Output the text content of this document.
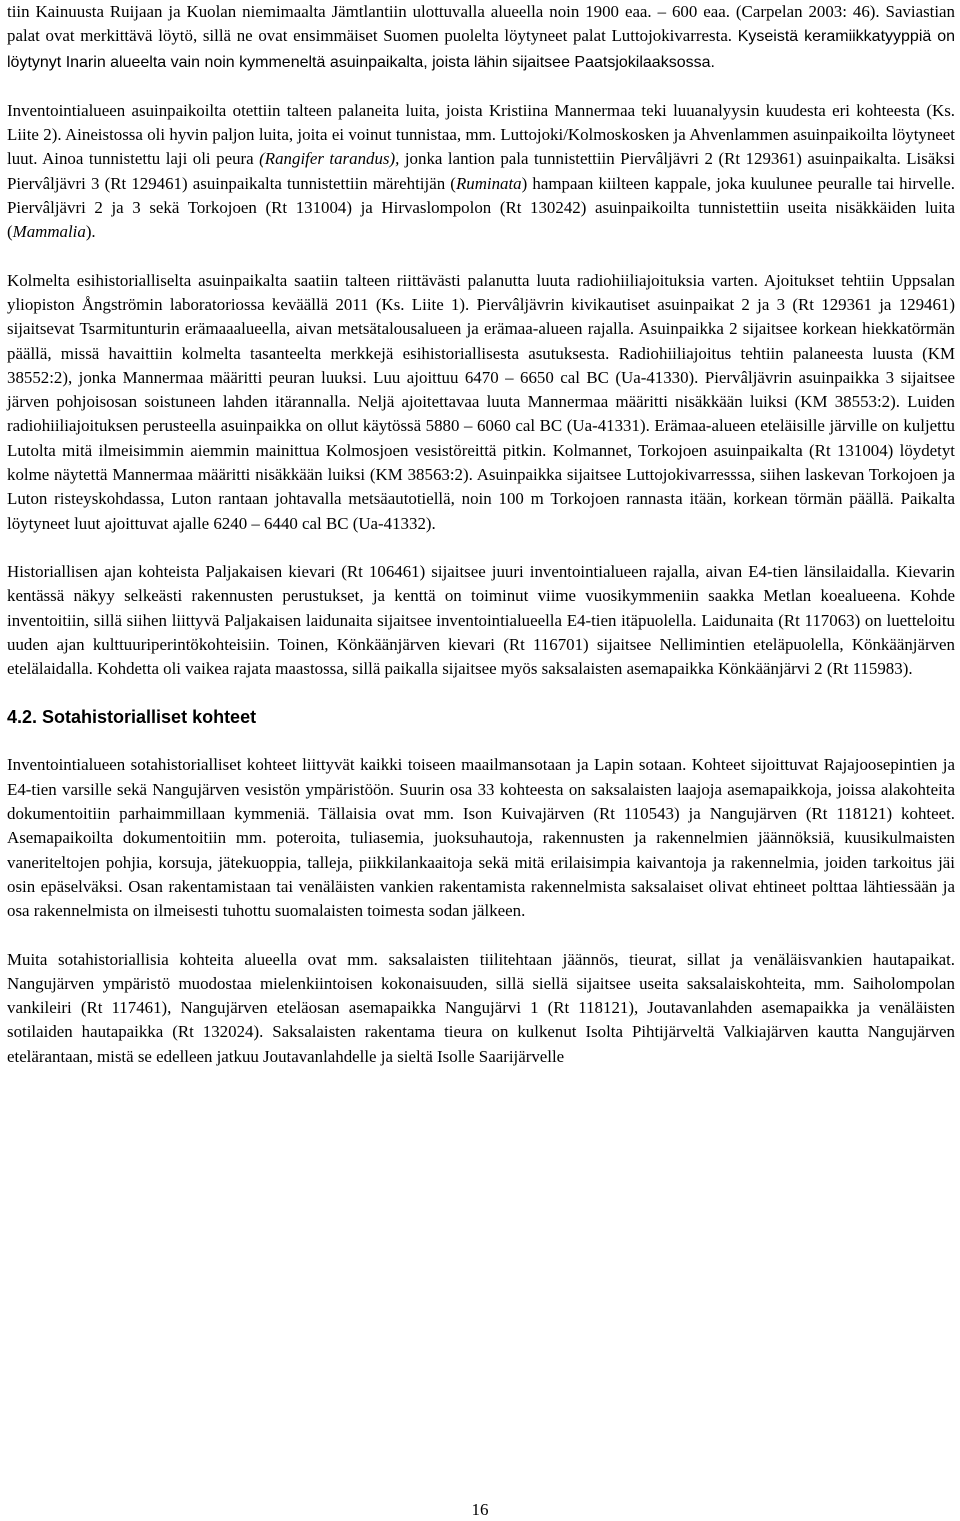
tiin Kainuusta Ruijaan ja Kuolan niemimaalta Jämtlantiin ulottuvalla alueella noin 1900 eaa. – 600 eaa. (Carpelan 2003: 46). Saviastian palat ovat merkittävä löytö, sillä ne ovat ensimmäiset Suomen puolelta löytyneet palat Luttojokivarresta. Kyseistä keramiikkatyyppiä on löytynyt Inarin alueelta vain noin kymmeneltä asuinpaikalta, joista lähin sijaitsee Paatsjokilaaksossa.

Inventointialueen asuinpaikoilta otettiin talteen palaneita luita, joista Kristiina Mannermaa teki luuanalyysin kuudesta eri kohteesta (Ks. Liite 2). Aineistossa oli hyvin paljon luita, joita ei voinut tunnistaa, mm. Luttojoki/Kolmoskosken ja Ahvenlammen asuinpaikoilta löytyneet luut. Ainoa tunnistettu laji oli peura (Rangifer tarandus), jonka lantion pala tunnistettiin Piervâljävri 2 (Rt 129361) asuinpaikalta. Lisäksi Piervâljävri 3 (Rt 129461) asuinpaikalta tunnistettiin märehtijän (Ruminata) hampaan kiilteen kappale, joka kuulunee peuralle tai hirvelle. Piervâljävri 2 ja 3 sekä Torkojoen (Rt 131004) ja Hirvaslompolon (Rt 130242) asuinpaikoilta tunnistettiin useita nisäkkäiden luita (Mammalia).

Kolmelta esihistorialliselta asuinpaikalta saatiin talteen riittävästi palanutta luuta radiohiiliajoituksia varten. Ajoitukset tehtiin Uppsalan yliopiston Ångströmin laboratoriossa keväällä 2011 (Ks. Liite 1). Piervâljävrin kivikautiset asuinpaikat 2 ja 3 (Rt 129361 ja 129461) sijaitsevat Tsarmitunturin erämaaalueella, aivan metsätalousalueen ja erämaa-alueen rajalla. Asuinpaikka 2 sijaitsee korkean hiekkatörmän päällä, missä havaittiin kolmelta tasanteelta merkkejä esihistoriallisesta asutuksesta. Radiohiiliajoitus tehtiin palaneesta luusta (KM 38552:2), jonka Mannermaa määritti peuran luuksi. Luu ajoittuu 6470 – 6650 cal BC (Ua-41330). Piervâljävrin asuinpaikka 3 sijaitsee järven pohjoisosan soistuneen lahden itärannalla. Neljä ajoitettavaa luuta Mannermaa määritti nisäkkään luiksi (KM 38553:2). Luiden radiohiiliajoituksen perusteella asuinpaikka on ollut käytössä 5880 – 6060 cal BC (Ua-41331). Erämaa-alueen eteläisille järville on kuljettu Lutolta mitä ilmeisimmin aiemmin mainittua Kolmosjoen vesistöreittä pitkin. Kolmannet, Torkojoen asuinpaikalta (Rt 131004) löydetyt kolme näytettä Mannermaa määritti nisäkkään luiksi (KM 38563:2). Asuinpaikka sijaitsee Luttojokivarresssa, siihen laskevan Torkojoen ja Luton risteyskohdassa, Luton rantaan johtavalla metsäautotiellä, noin 100 m Torkojoen rannasta itään, korkean törmän päällä. Paikalta löytyneet luut ajoittuvat ajalle 6240 – 6440 cal BC (Ua-41332).

Historiallisen ajan kohteista Paljakaisen kievari (Rt 106461) sijaitsee juuri inventointialueen rajalla, aivan E4-tien länsilaidalla. Kievarin kentässä näkyy selkeästi rakennusten perustukset, ja kenttä on toiminut viime vuosikymmeniin saakka Metlan koealueena. Kohde inventoitiin, sillä siihen liittyvä Paljakaisen laidunaita sijaitsee inventointialueella E4-tien itäpuolella. Laidunaita (Rt 117063) on luetteloitu uuden ajan kulttuuriperintökohteisiin. Toinen, Könkäänjärven kievari (Rt 116701) sijaitsee Nellimintien eteläpuolella, Könkäänjärven etelälaidalla. Kohdetta oli vaikea rajata maastossa, sillä paikalla sijaitsee myös saksalaisten asemapaikka Könkäänjärvi 2 (Rt 115983).

4.2. Sotahistorialliset kohteet

Inventointialueen sotahistorialliset kohteet liittyvät kaikki toiseen maailmansotaan ja Lapin sotaan. Kohteet sijoittuvat Rajajoosepintien ja E4-tien varsille sekä Nangujärven vesistön ympäristöön. Suurin osa 33 kohteesta on saksalaisten laajoja asemapaikkoja, joissa alakohteita dokumentoitiin parhaimmillaan kymmeniä. Tällaisia ovat mm. Ison Kuivajärven (Rt 110543) ja Nangujärven (Rt 118121) kohteet. Asemapaikoilta dokumentoitiin mm. poteroita, tuliasemia, juoksuhautoja, rakennusten ja rakennelmien jäännöksiä, kuusikulmaisten vaneriteltojen pohjia, korsuja, jätekuoppia, talleja, piikkilankaaitoja sekä mitä erilaisimpia kaivantoja ja rakennelmia, joiden tarkoitus jäi osin epäselväksi. Osan rakentamistaan tai venäläisten vankien rakentamista rakennelmista saksalaiset olivat ehtineet polttaa lähtiessään ja osa rakennelmista on ilmeisesti tuhottu suomalaisten toimesta sodan jälkeen.

Muita sotahistoriallisia kohteita alueella ovat mm. saksalaisten tiilitehtaan jäännös, tieurat, sillat ja venäläisvankien hautapaikat. Nangujärven ympäristö muodostaa mielenkiintoisen kokonaisuuden, sillä siellä sijaitsee useita saksalaiskohteita, mm. Saiholompolan vankileiri (Rt 117461), Nangujärven eteläosan asemapaikka Nangujärvi 1 (Rt 118121), Joutavanlahden asemapaikka ja venäläisten sotilaiden hautapaikka (Rt 132024). Saksalaisten rakentama tieura on kulkenut Isolta Pihtijärveltä Valkiajärven kautta Nangujärven etelärantaan, mistä se edelleen jatkuu Joutavanlahdelle ja sieltä Isolle Saarijärvelle

16
